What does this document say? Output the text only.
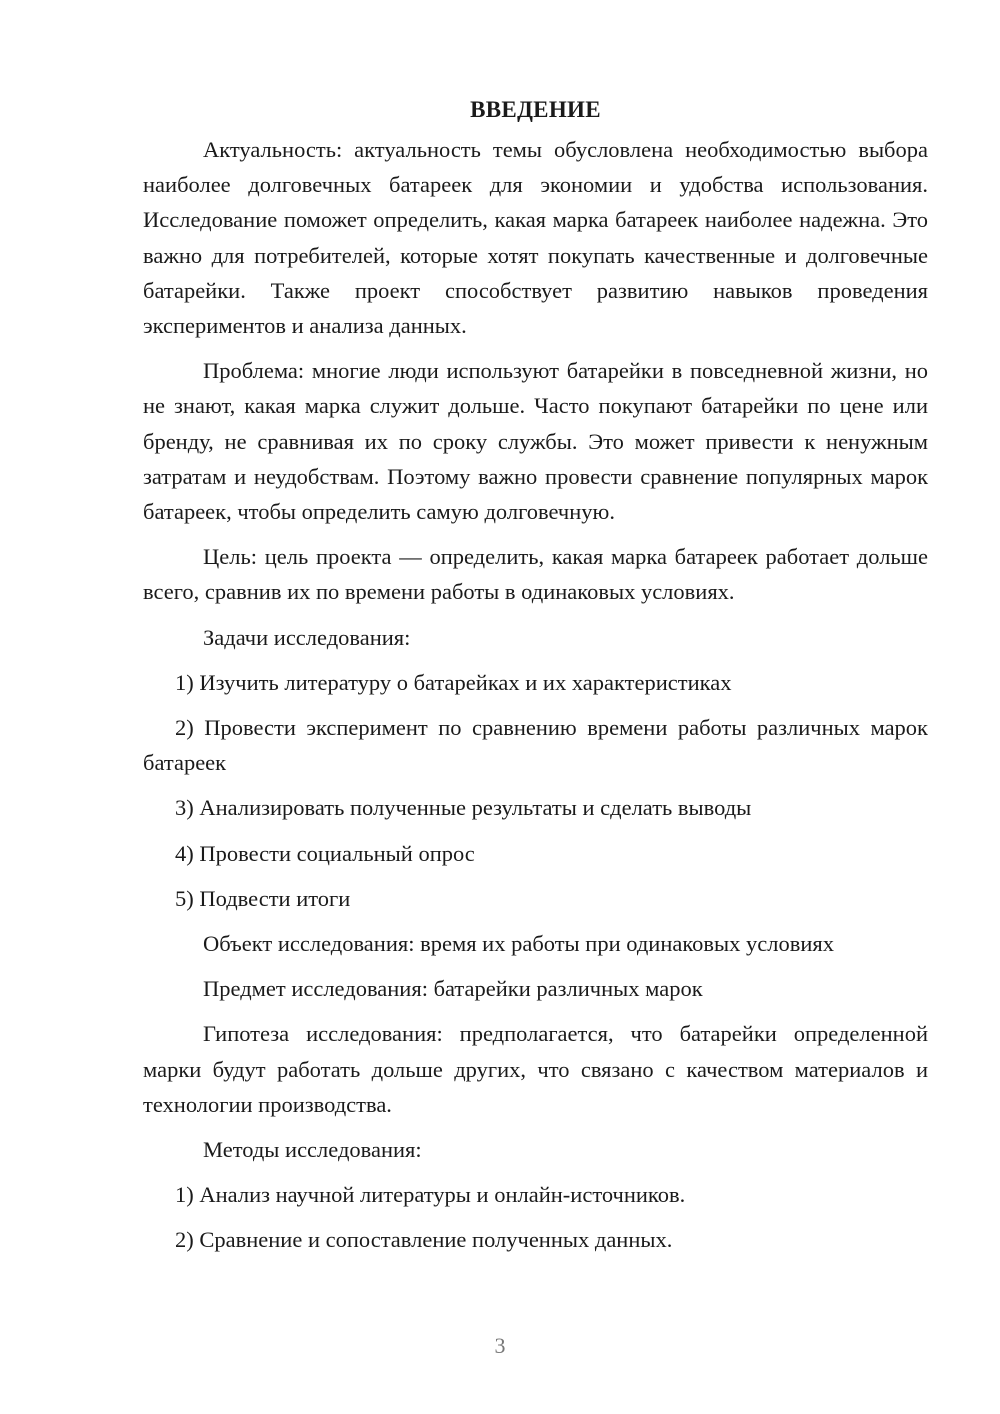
ВВЕДЕНИЕ

Актуальность: актуальность темы обусловлена необходимостью выбора наиболее долговечных батареек для экономии и удобства использования. Исследование поможет определить, какая марка батареек наиболее надежна. Это важно для потребителей, которые хотят покупать качественные и долговечные батарейки. Также проект способствует развитию навыков проведения экспериментов и анализа данных.

Проблема: многие люди используют батарейки в повседневной жизни, но не знают, какая марка служит дольше. Часто покупают батарейки по цене или бренду, не сравнивая их по сроку службы. Это может привести к ненужным затратам и неудобствам. Поэтому важно провести сравнение популярных марок батареек, чтобы определить самую долговечную.

Цель: цель проекта — определить, какая марка батареек работает дольше всего, сравнив их по времени работы в одинаковых условиях.

Задачи исследования:

1) Изучить литературу о батарейках и их характеристиках

2) Провести эксперимент по сравнению времени работы различных марок батареек

3) Анализировать полученные результаты и сделать выводы

4) Провести социальный опрос

5) Подвести итоги

Объект исследования: время их работы при одинаковых условиях

Предмет исследования: батарейки различных марок

Гипотеза исследования: предполагается, что батарейки определенной марки будут работать дольше других, что связано с качеством материалов и технологии производства.

Методы исследования:

1) Анализ научной литературы и онлайн-источников.

2) Сравнение и сопоставление полученных данных.

3
